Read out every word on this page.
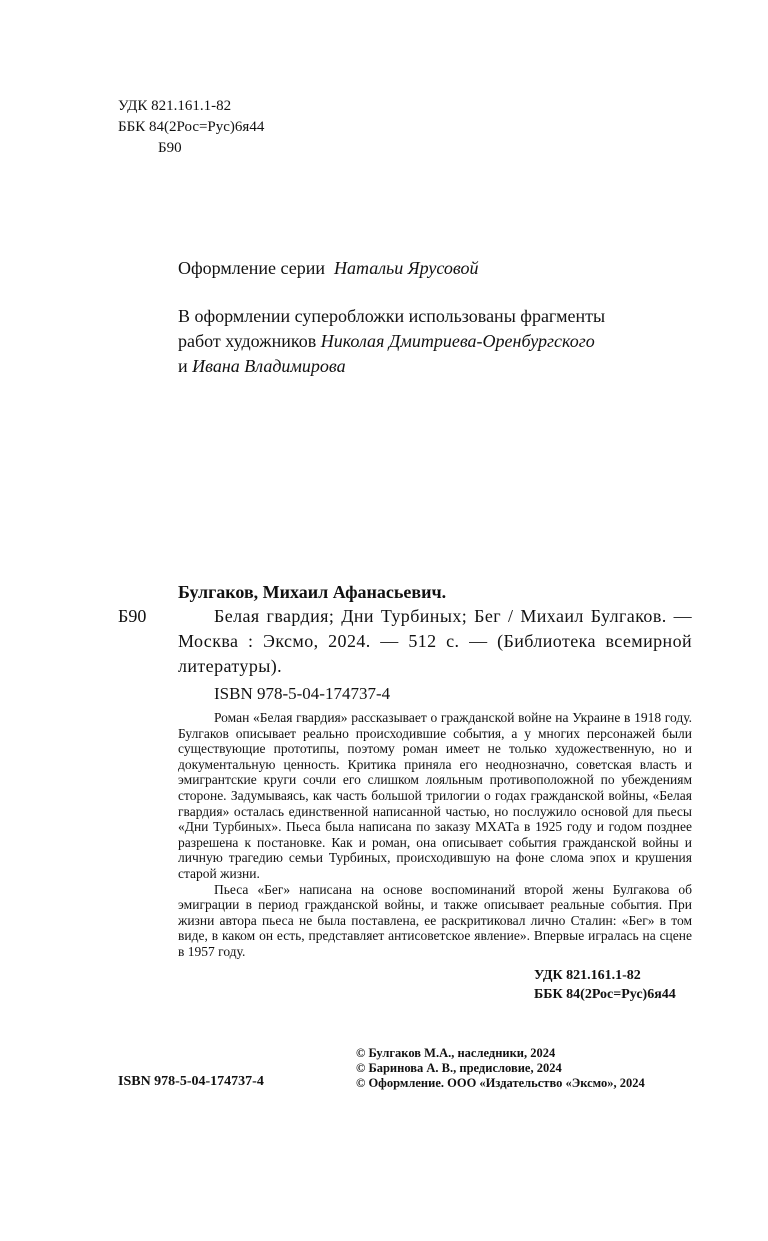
УДК 821.161.1-82
ББК 84(2Рос=Рус)6я44
Б90
Оформление серии Натальи Ярусовой
В оформлении суперобложки использованы фрагменты
работ художников Николая Дмитриева-Оренбургского
и Ивана Владимирова
Булгаков, Михаил Афанасьевич.
Б90	Белая гвардия; Дни Турбиных; Бег / Михаил Булгаков. — Москва : Эксмо, 2024. — 512 с. — (Библиотека всемирной литературы).
ISBN 978-5-04-174737-4

Роман «Белая гвардия» рассказывает о гражданской войне на Украине в 1918 году. Булгаков описывает реально происходившие события, а у многих персонажей были существующие прототипы, поэтому роман имеет не только художественную, но и документальную ценность. Критика приняла его неоднозначно, советская власть и эмигрантские круги сочли его слишком лояльным противоположной по убеждениям стороне. Задумываясь, как часть большой трилогии о годах гражданской войны, «Белая гвардия» осталась единственной написанной частью, но послужило основой для пьесы «Дни Турбиных». Пьеса была написана по заказу МХАТа в 1925 году и годом позднее разрешена к постановке. Как и роман, она описывает события гражданской войны и личную трагедию семьи Турбиных, происходившую на фоне слома эпох и крушения старой жизни.

Пьеса «Бег» написана на основе воспоминаний второй жены Булгакова об эмиграции в период гражданской войны, и также описывает реальные события. При жизни автора пьеса не была поставлена, ее раскритиковал лично Сталин: «Бег» в том виде, в каком он есть, представляет антисоветское явление». Впервые игралась на сцене в 1957 году.

УДК 821.161.1-82
ББК 84(2Рос=Рус)6я44
© Булгаков М.А., наследники, 2024
© Баринова А. В., предисловие, 2024
© Оформление. ООО «Издательство «Эксмо», 2024
ISBN 978-5-04-174737-4
